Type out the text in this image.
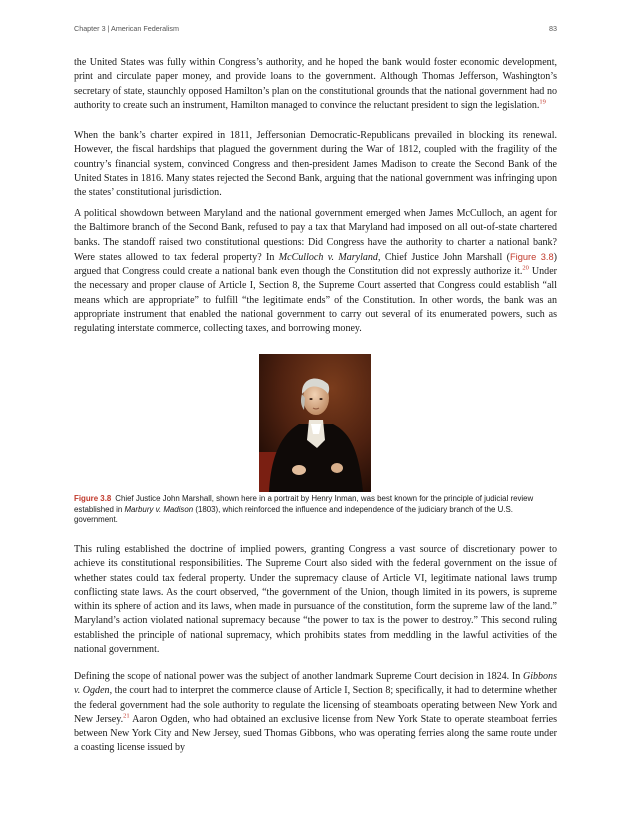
Chapter 3 | American Federalism	83

the United States was fully within Congress’s authority, and he hoped the bank would foster economic development, print and circulate paper money, and provide loans to the government. Although Thomas Jefferson, Washington’s secretary of state, staunchly opposed Hamilton’s plan on the constitutional grounds that the national government had no authority to create such an instrument, Hamilton managed to convince the reluctant president to sign the legislation.$^{19}$

When the bank’s charter expired in 1811, Jeffersonian Democratic-Republicans prevailed in blocking its renewal. However, the fiscal hardships that plagued the government during the War of 1812, coupled with the fragility of the country’s financial system, convinced Congress and then-president James Madison to create the Second Bank of the United States in 1816. Many states rejected the Second Bank, arguing that the national government was infringing upon the states’ constitutional jurisdiction.

A political showdown between Maryland and the national government emerged when James McCulloch, an agent for the Baltimore branch of the Second Bank, refused to pay a tax that Maryland had imposed on all out-of-state chartered banks. The standoff raised two constitutional questions: Did Congress have the authority to charter a national bank? Were states allowed to tax federal property? In McCulloch v. Maryland, Chief Justice John Marshall (Figure 3.8) argued that Congress could create a national bank even though the Constitution did not expressly authorize it.$^{20}$ Under the necessary and proper clause of Article I, Section 8, the Supreme Court asserted that Congress could establish “all means which are appropriate” to fulfill “the legitimate ends” of the Constitution. In other words, the bank was an appropriate instrument that enabled the national government to carry out several of its enumerated powers, such as regulating interstate commerce, collecting taxes, and borrowing money.

Figure 3.8 Chief Justice John Marshall, shown here in a portrait by Henry Inman, was best known for the principle of judicial review established in Marbury v. Madison (1803), which reinforced the influence and independence of the judiciary branch of the U.S. government.

This ruling established the doctrine of implied powers, granting Congress a vast source of discretionary power to achieve its constitutional responsibilities. The Supreme Court also sided with the federal government on the issue of whether states could tax federal property. Under the supremacy clause of Article VI, legitimate national laws trump conflicting state laws. As the court observed, “the government of the Union, though limited in its powers, is supreme within its sphere of action and its laws, when made in pursuance of the constitution, form the supreme law of the land.” Maryland’s action violated national supremacy because “the power to tax is the power to destroy.” This second ruling established the principle of national supremacy, which prohibits states from meddling in the lawful activities of the national government.

Defining the scope of national power was the subject of another landmark Supreme Court decision in 1824. In Gibbons v. Ogden, the court had to interpret the commerce clause of Article I, Section 8; specifically, it had to determine whether the federal government had the sole authority to regulate the licensing of steamboats operating between New York and New Jersey.$^{21}$ Aaron Ogden, who had obtained an exclusive license from New York State to operate steamboat ferries between New York City and New Jersey, sued Thomas Gibbons, who was operating ferries along the same route under a coasting license issued by
